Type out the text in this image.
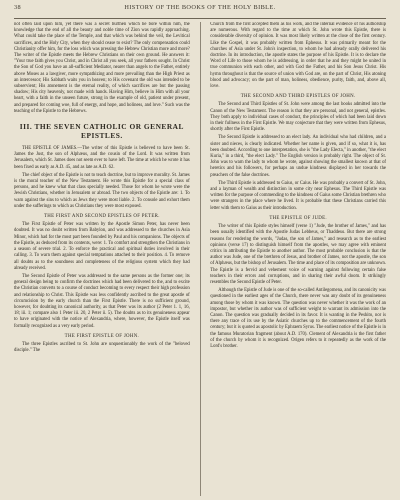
38	HISTORY OF THE BOOKS OF THE HOLY BIBLE.

not often laid upon him, yet there was a secret burthen which he bore within him, the knowledge that the end of all the beauty and noble time of Zion was rapidly approaching. What could take the place of the Temple, and that which was behind the veil, the Levitical sacrifices, and the Holy City, when they should cease to exist? The only compensation could Christianity offer him, for the loss which was pressing the Hebrew Christian more and more? The writer of the Epistle meets the Hebrew Christians on their own ground. He answers it: "Your true faith gives you Christ, and in Christ all you seek, all your fathers sought. In Christ the Son of God you have an all-sufficient Mediator, nearer than angels to the Father, entirely above Moses as a lawgiver, more sympathizing and more prevailing than the High Priest as an intercessor; His Sabbath waits you in heaven; to His covenant the old was intended to be subservient; His atonement is the eternal reality, of which sacrifices are but the passing shadow; His city heavenly, not made with hands. Having Him, believe in Him with all your heart, with a faith in the unseen future, strong in the example of old, patient under present, and prepared for coming woe, full of energy, and hope, and holiness, and love." Such was the teaching of the Epistle to the Hebrews.

III. THE SEVEN CATHOLIC OR GENERAL EPISTLES.

THE EPISTLE OF JAMES.—The writer of this Epistle is believed to have been St. James the Just, the son of Alphæus, and the cousin of the Lord. It was written from Jerusalem, which St. James does not seem ever to have left. The time at which he wrote it has been fixed as early as A.D. 45, and as late as A.D. 62.

The chief object of the Epistle is not to teach doctrine, but to improve morality. St. James is the moral teacher of the New Testament. He wrote this Epistle for a special class of persons, and he knew what that class specially needed. Those for whom he wrote were the Jewish Christians, whether in Jerusalem or abroad. The two objects of the Epistle are: 1. To warn against the sins to which as Jews they were most liable. 2. To console and exhort them under the sufferings to which as Christians they were most exposed.

THE FIRST AND SECOND EPISTLES OF PETER.

The First Epistle of Peter was written by the Apostle Simon Peter, has never been doubted. It was no doubt written from Babylon, and was addressed to the churches in Asia Minor, which had for the most part been founded by Paul and his companions. The objects of the Epistle, as deduced from its contents, were: 1. To comfort and strengthen the Christians in a season of severe trial. 2. To enforce the practical and spiritual duties involved in their calling. 3. To warn them against special temptations attached to their position. 4. To remove all doubts as to the soundness and completeness of the religious system which they had already received.

The Second Epistle of Peter was addressed to the same persons as the former one; its general design being to confirm the doctrines which had been delivered to the, and to excite the Christian converts to a course of conduct becoming to every respect their high profession and relationship to Christ. This Epistle was less confidently ascribed to the great apostle of circumcision by the early church than the First Epistle. There is no sufficient ground, however, for doubting its canonical authority, as that Peter was its author (2 Peter 1. 1, 16, 18; iii. 1; compare also 1 Peter iii. 20, 2 Peter ii. 5). The doubts as to its genuineness appear to have originated with the notice of Alexandria, where, however, the Epistle itself was formally recognized as a very early period.

THE FIRST EPISTLE OF JOHN.

The three Epistles ascribed to St. John are unquestionably the work of the "beloved disciple." The

Church from the first accepted them as his work, and the internal evidence of his authorship are numerous. With regard to the time at which St. John wrote this Epistle, there is considerable diversity of opinion. It was most likely written at the close of the first century. Like the Gospel, it was probably written from Ephesus. It was primarily meant for the churches of Asia under St. John's inspection, to whom he had already orally delivered his doctrine. In its introduction, the apostle states the purpose of his Epistle. It is to declare the Word of Life to those whom he is addressing, in order that he and they might be united in true communion with each other, and with God the Father, and his Son Jesus Christ. His hymn throughout is that the source of union with God are, on the part of Christ, His atoning blood and advocacy; on the part of man, holiness, obedience, purity, faith, and, above all, love.

THE SECOND AND THIRD EPISTLES OF JOHN.

The Second and Third Epistles of St. John were among the last books admitted into the Canon of the New Testament. The reason is that they are personal, and not general, epistles. They both apply to individual cases of conduct, the principles of which had been laid down in their fullness in the First Epistle. We may conjecture that they were written from Ephesus, shortly after the First Epistle.

The Second Epistle is addressed to an elect lady. An individual who had children, and a sister and nieces, is clearly indicated. Whether her name is given, and if so, what it is, has been doubted. According to one interpretation, she is "the Lady Electa," in another, "the elect Kuria," in a third, "the elect Lady." The English version is probably right. The object of St. John was to warn the lady to whom he wrote, against showing the smallest known at that of heretics and his followers, for perhaps an undue kindness displayed in her towards the preachers of the false doctrines.

The Third Epistle is addressed to Gaius, or Caius. He was probably a convert of St. John, and a layman of wealth and distinction in some city near Ephesus. The Third Epistle was written for the purpose of commending to the kindness of Gaius some Christian brethren who were strangers in the place where he lived. It is probable that these Christians carried this letter with them to Gaius as their introduction.

THE EPISTLE OF JUDE.

The writer of this Epistle styles himself (verse 1) "Jude, the brother of James," and has been usually identified with the Apostle Judas Lebbeus, or Thaddeus. But there are strong reasons for rendering the words, "Judas, the son of James," and research as to the earliest opinions (verse 17) to distinguish himself from the apostles, we may agree with eminent critics in attributing the Epistle to another author. The most probable conclusion is that the author was Jude, one of the brethren of Jesus, and brother of James, not the apostle, the son of Alphæus, but the bishop of Jerusalem. The time and place of its composition are unknown. The Epistle is a fervid and vehement voice of warning against following certain false teachers in their errors and corruptions, and in sharing their awful doom. It strikingly resembles the Second Epistle of Peter.

Although the Epistle of Jude is one of the so-called Antilegomena, and its canonicity was questioned in the earliest ages of the Church, there never was any doubt of its genuineness among those by whom it was known. The question was never whether it was the work of an impostor, but whether its author was of sufficient weight to warrant its admission into the Canon. The question was gradually decided in its favor. It is wanting in the Peshito, nor is there any trace of its use by the Asiatic churches up to the commencement of the fourth century; but it is quoted as apostolic by Ephraem Syrus. The earliest notice of the Epistle is in the famous Muratorian fragment (about A.D. 170). Clement of Alexandria is the first father of the church by whom it is recognized. Origen refers to it repeatedly as the work of the Lord's brother.
